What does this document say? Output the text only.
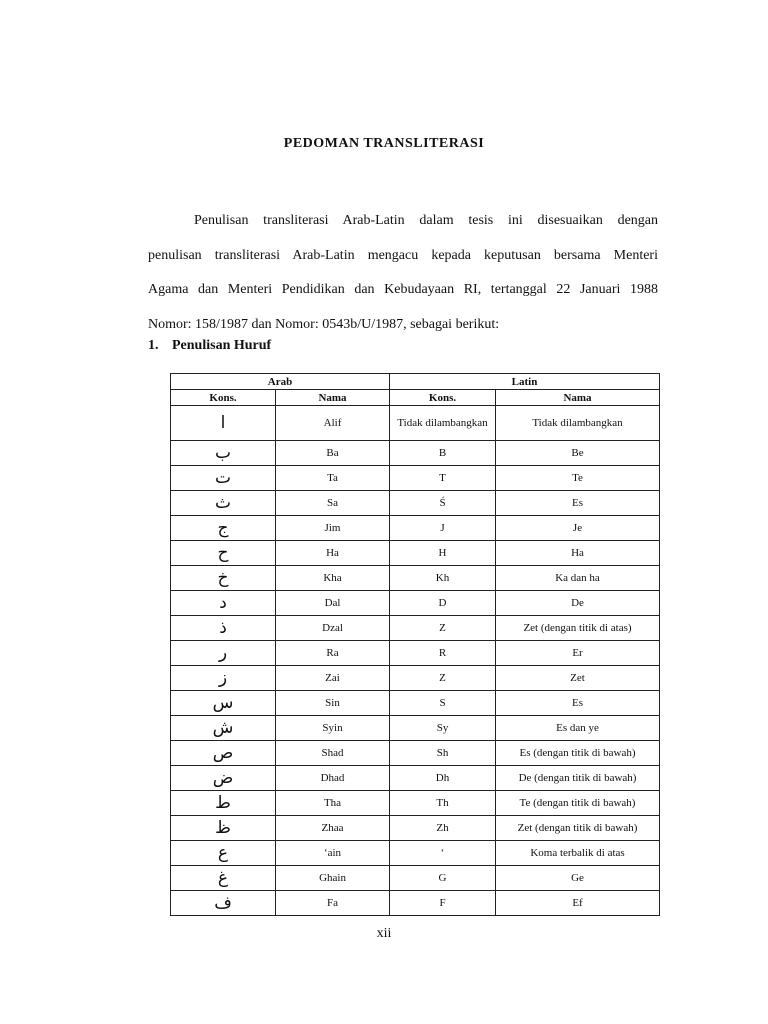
PEDOMAN TRANSLITERASI
Penulisan transliterasi Arab-Latin dalam tesis ini disesuaikan dengan
penulisan transliterasi Arab-Latin mengacu kepada keputusan bersama Menteri
Agama dan Menteri Pendidikan dan Kebudayaan RI, tertanggal 22 Januari 1988
Nomor: 158/1987 dan Nomor: 0543b/U/1987, sebagai berikut:
1. Penulisan Huruf
Arab		Latin	
Kons.	Nama	Kons.	Nama
ا	Alif	Tidak dilambangkan	Tidak dilambangkan
ب	Ba	B	Be
ت	Ta	T	Te
ث	Sa	Ś	Es
ج	Jim	J	Je
ح	Ha	H	Ha
خ	Kha	Kh	Ka dan ha
د	Dal	D	De
ذ	Dzal	Z	Zet (dengan titik di atas)
ر	Ra	R	Er
ز	Zai	Z	Zet
س	Sin	S	Es
ش	Syin	Sy	Es dan ye
ص	Shad	Sh	Es (dengan titik di bawah)
ض	Dhad	Dh	De (dengan titik di bawah)
ط	Tha	Th	Te (dengan titik di bawah)
ظ	Zhaa	Zh	Zet (dengan titik di bawah)
ع	‘ain	‘	Koma terbalik di atas
غ	Ghain	G	Ge
ف	Fa	F	Ef
xii
